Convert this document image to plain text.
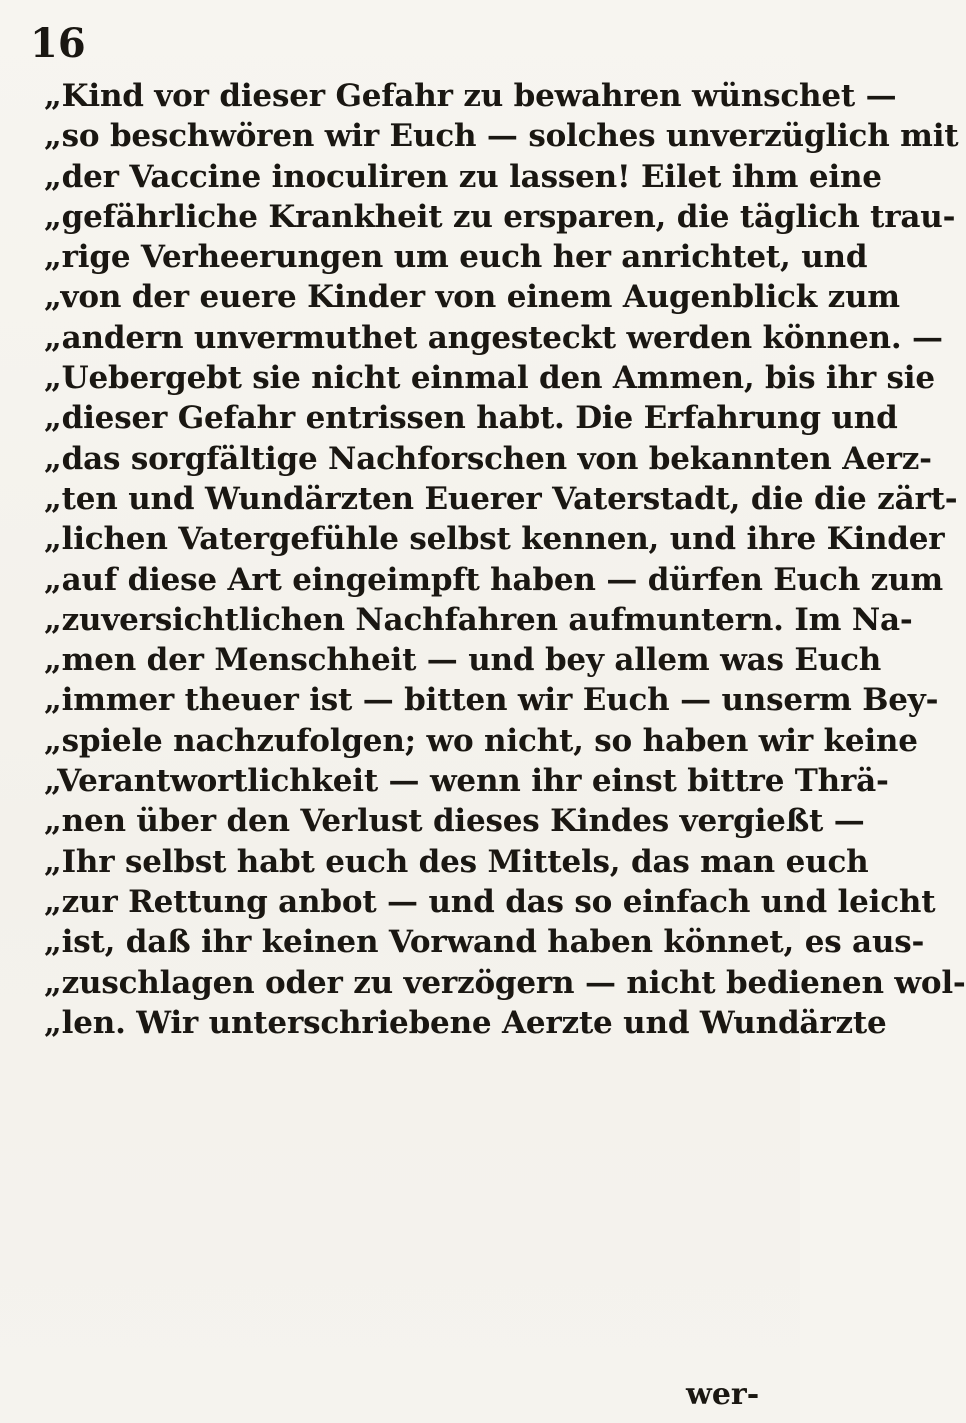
16
„Kind vor dieser Gefahr zu bewahren wünschet —
„so beschwören wir Euch — solches unverzüglich mit
„der Vaccine inoculiren zu lassen! Eilet ihm eine
„gefährliche Krankheit zu ersparen, die täglich trau-
„rige Verheerungen um euch her anrichtet, und
„von der euere Kinder von einem Augenblick zum
„andern unvermuthet angesteckt werden können. —
„Uebergebt sie nicht einmal den Ammen, bis ihr sie
„dieser Gefahr entrissen habt. Die Erfahrung und
„das sorgfältige Nachforschen von bekannten Aerz-
„ten und Wundärzten Euerer Vaterstadt, die die zärt-
„lichen Vatergefühle selbst kennen, und ihre Kinder
„auf diese Art eingeimpft haben — dürfen Euch zum
„zuversichtlichen Nachfahren aufmuntern. Im Na-
„men der Menschheit — und bey allem was Euch
„immer theuer ist — bitten wir Euch — unserm Bey-
„spiele nachzufolgen; wo nicht, so haben wir keine
„Verantwortlichkeit — wenn ihr einst bittre Thrä-
„nen über den Verlust dieses Kindes vergießt —
„Ihr selbst habt euch des Mittels, das man euch
„zur Rettung anbot — und das so einfach und leicht
„ist, daß ihr keinen Vorwand haben könnet, es aus-
„zuschlagen oder zu verzögern — nicht bedienen wol-
„len. Wir unterschriebene Aerzte und Wundärzte
wer-
